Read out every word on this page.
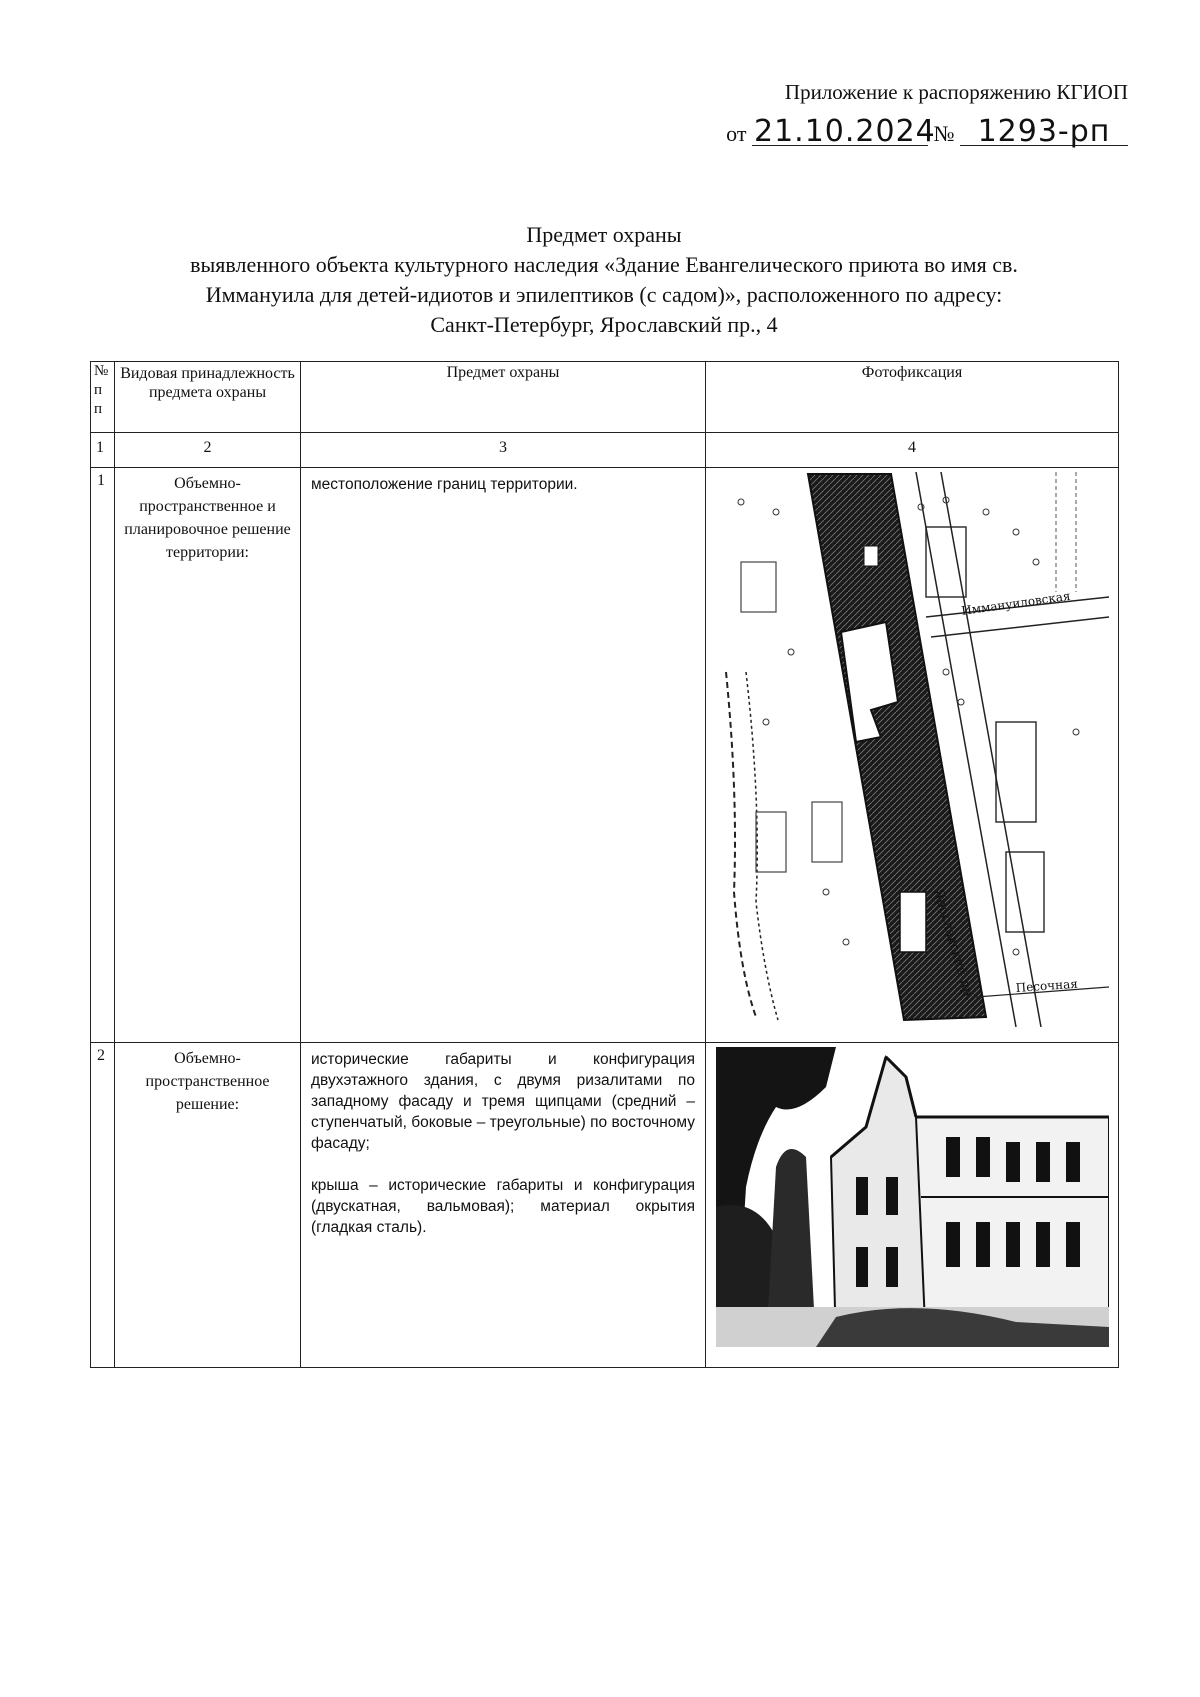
Приложение к распоряжению КГИОП
от 21.10.2024 № 1293-рп
Предмет охраны
выявленного объекта культурного наследия «Здание Евангелического приюта во имя св.
Иммануила для детей-идиотов и эпилептиков (с садом)», расположенного по адресу:
Санкт-Петербург, Ярославский пр., 4
№
п
п	Видовая принадлежность предмета охраны	Предмет охраны	Фотофиксация
1	2	3	4
1	Объемно-пространственное и планировочное решение территории:	местоположение границ территории.	Ярославский пр.
Иммануиловская
Песочная

2	Объемно-пространственное решение:	исторические габариты и конфигурация двухэтажного здания, с двумя ризалитами по западному фасаду и тремя щипцами (средний – ступенчатый, боковые – треугольные) по восточному фасаду;

крыша – исторические габариты и конфигурация (двускатная, вальмовая); материал окрытия (гладкая сталь).
